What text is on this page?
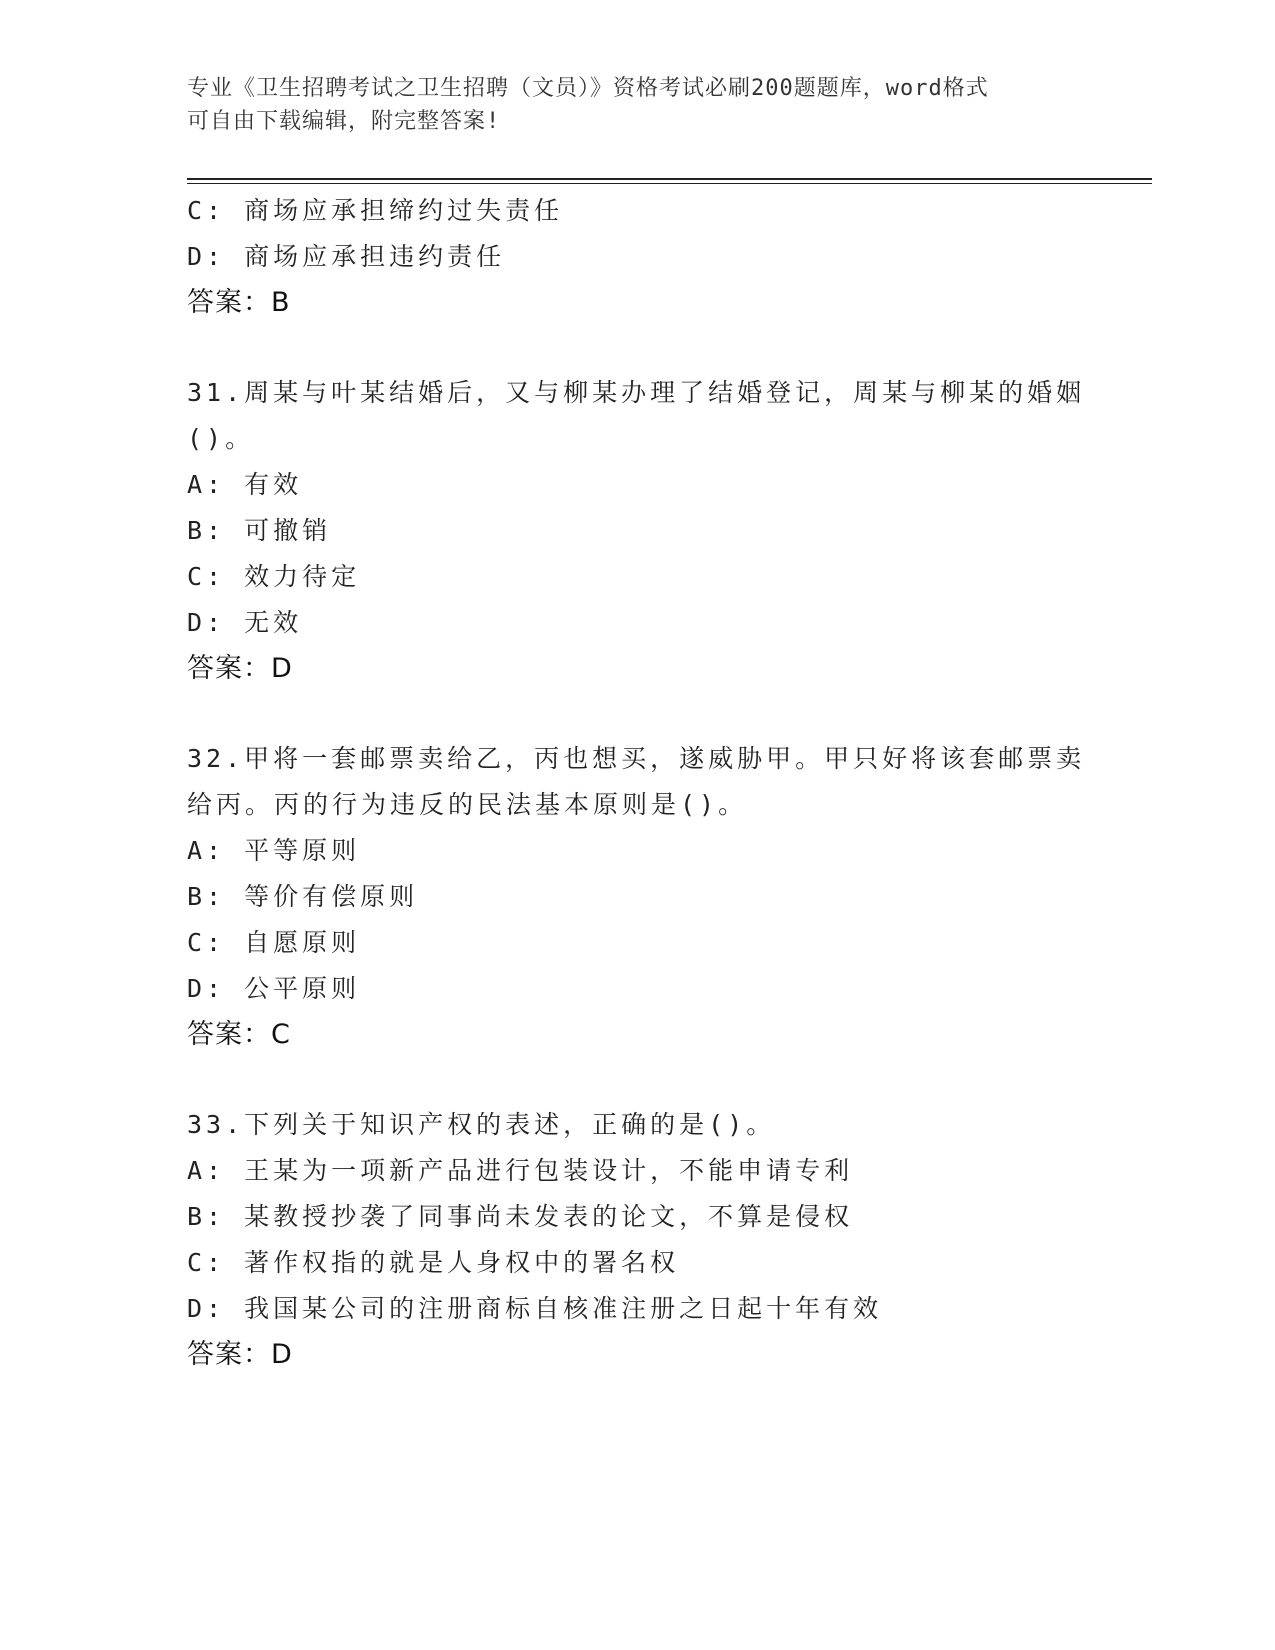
专业《卫生招聘考试之卫生招聘（文员）》资格考试必刷200题题库，word格式
可自由下载编辑，附完整答案!
C: 商场应承担缔约过失责任
D: 商场应承担违约责任
答案：B
31.周某与叶某结婚后，又与柳某办理了结婚登记，周某与柳某的婚姻
()。
A: 有效
B: 可撤销
C: 效力待定
D: 无效
答案：D
32.甲将一套邮票卖给乙，丙也想买，遂威胁甲。甲只好将该套邮票卖
给丙。丙的行为违反的民法基本原则是()。
A: 平等原则
B: 等价有偿原则
C: 自愿原则
D: 公平原则
答案：C
33.下列关于知识产权的表述，正确的是()。
A: 王某为一项新产品进行包装设计，不能申请专利
B: 某教授抄袭了同事尚未发表的论文，不算是侵权
C: 著作权指的就是人身权中的署名权
D: 我国某公司的注册商标自核准注册之日起十年有效
答案：D
